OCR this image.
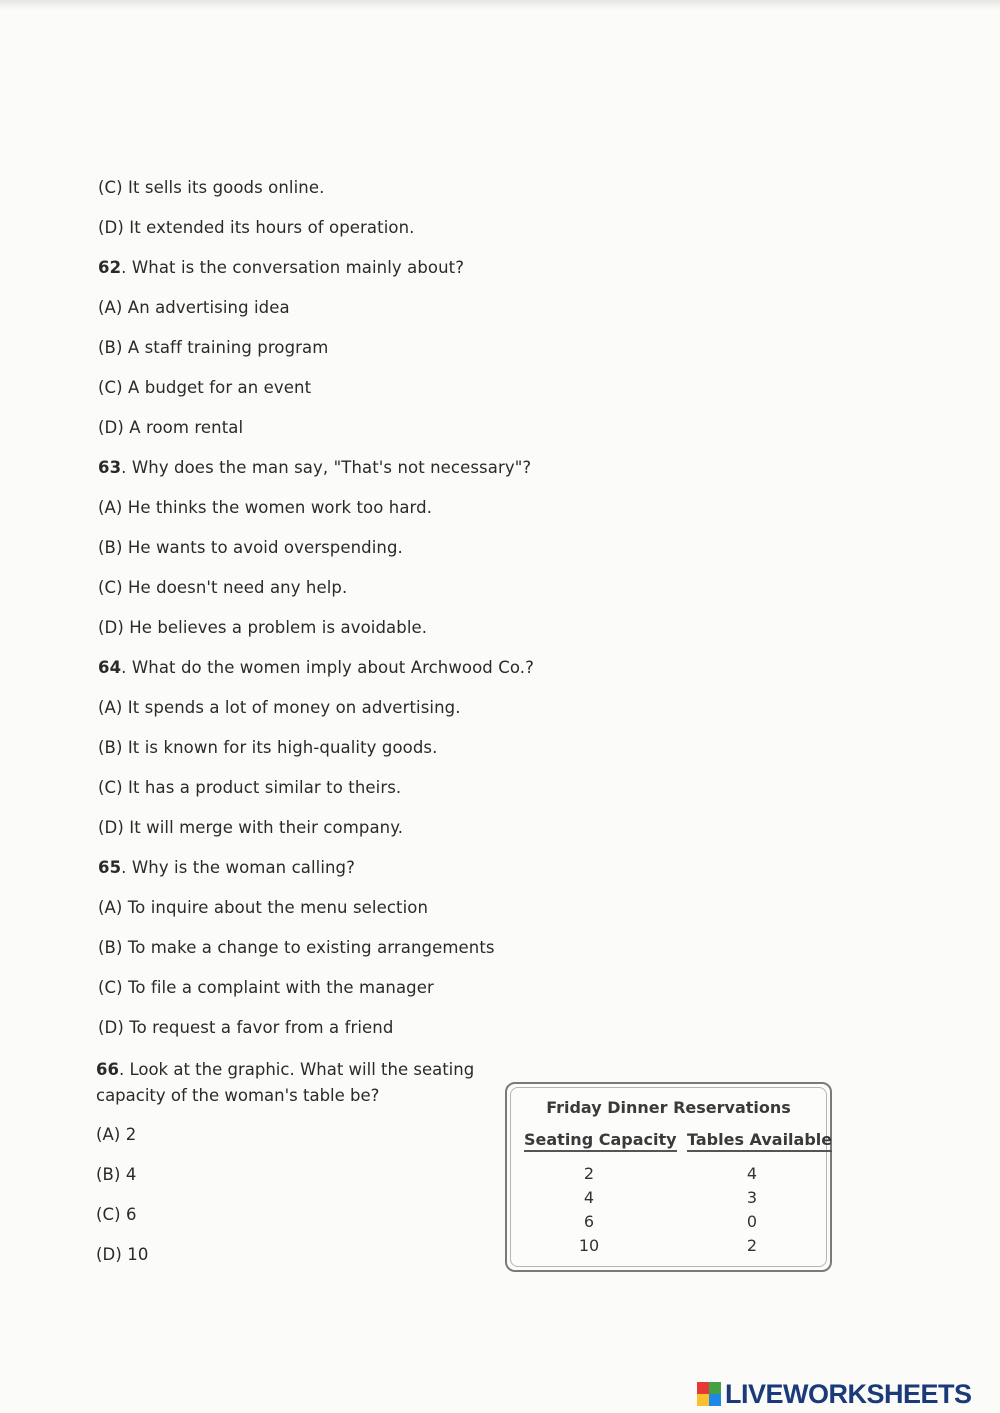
(C) It sells its goods online.
(D) It extended its hours of operation.
62. What is the conversation mainly about?
(A) An advertising idea
(B) A staff training program
(C) A budget for an event
(D) A room rental
63. Why does the man say, "That's not necessary"?
(A) He thinks the women work too hard.
(B) He wants to avoid overspending.
(C) He doesn't need any help.
(D) He believes a problem is avoidable.
64. What do the women imply about Archwood Co.?
(A) It spends a lot of money on advertising.
(B) It is known for its high-quality goods.
(C) It has a product similar to theirs.
(D) It will merge with their company.
65. Why is the woman calling?
(A) To inquire about the menu selection
(B) To make a change to existing arrangements
(C) To file a complaint with the manager
(D) To request a favor from a friend
66. Look at the graphic. What will the seating capacity of the woman's table be?
(A) 2
(B) 4
(C) 6
(D) 10
Friday Dinner Reservations
Seating Capacity Tables Available
2	4
4	3
6	0
10	2
LIVEWORKSHEETS
